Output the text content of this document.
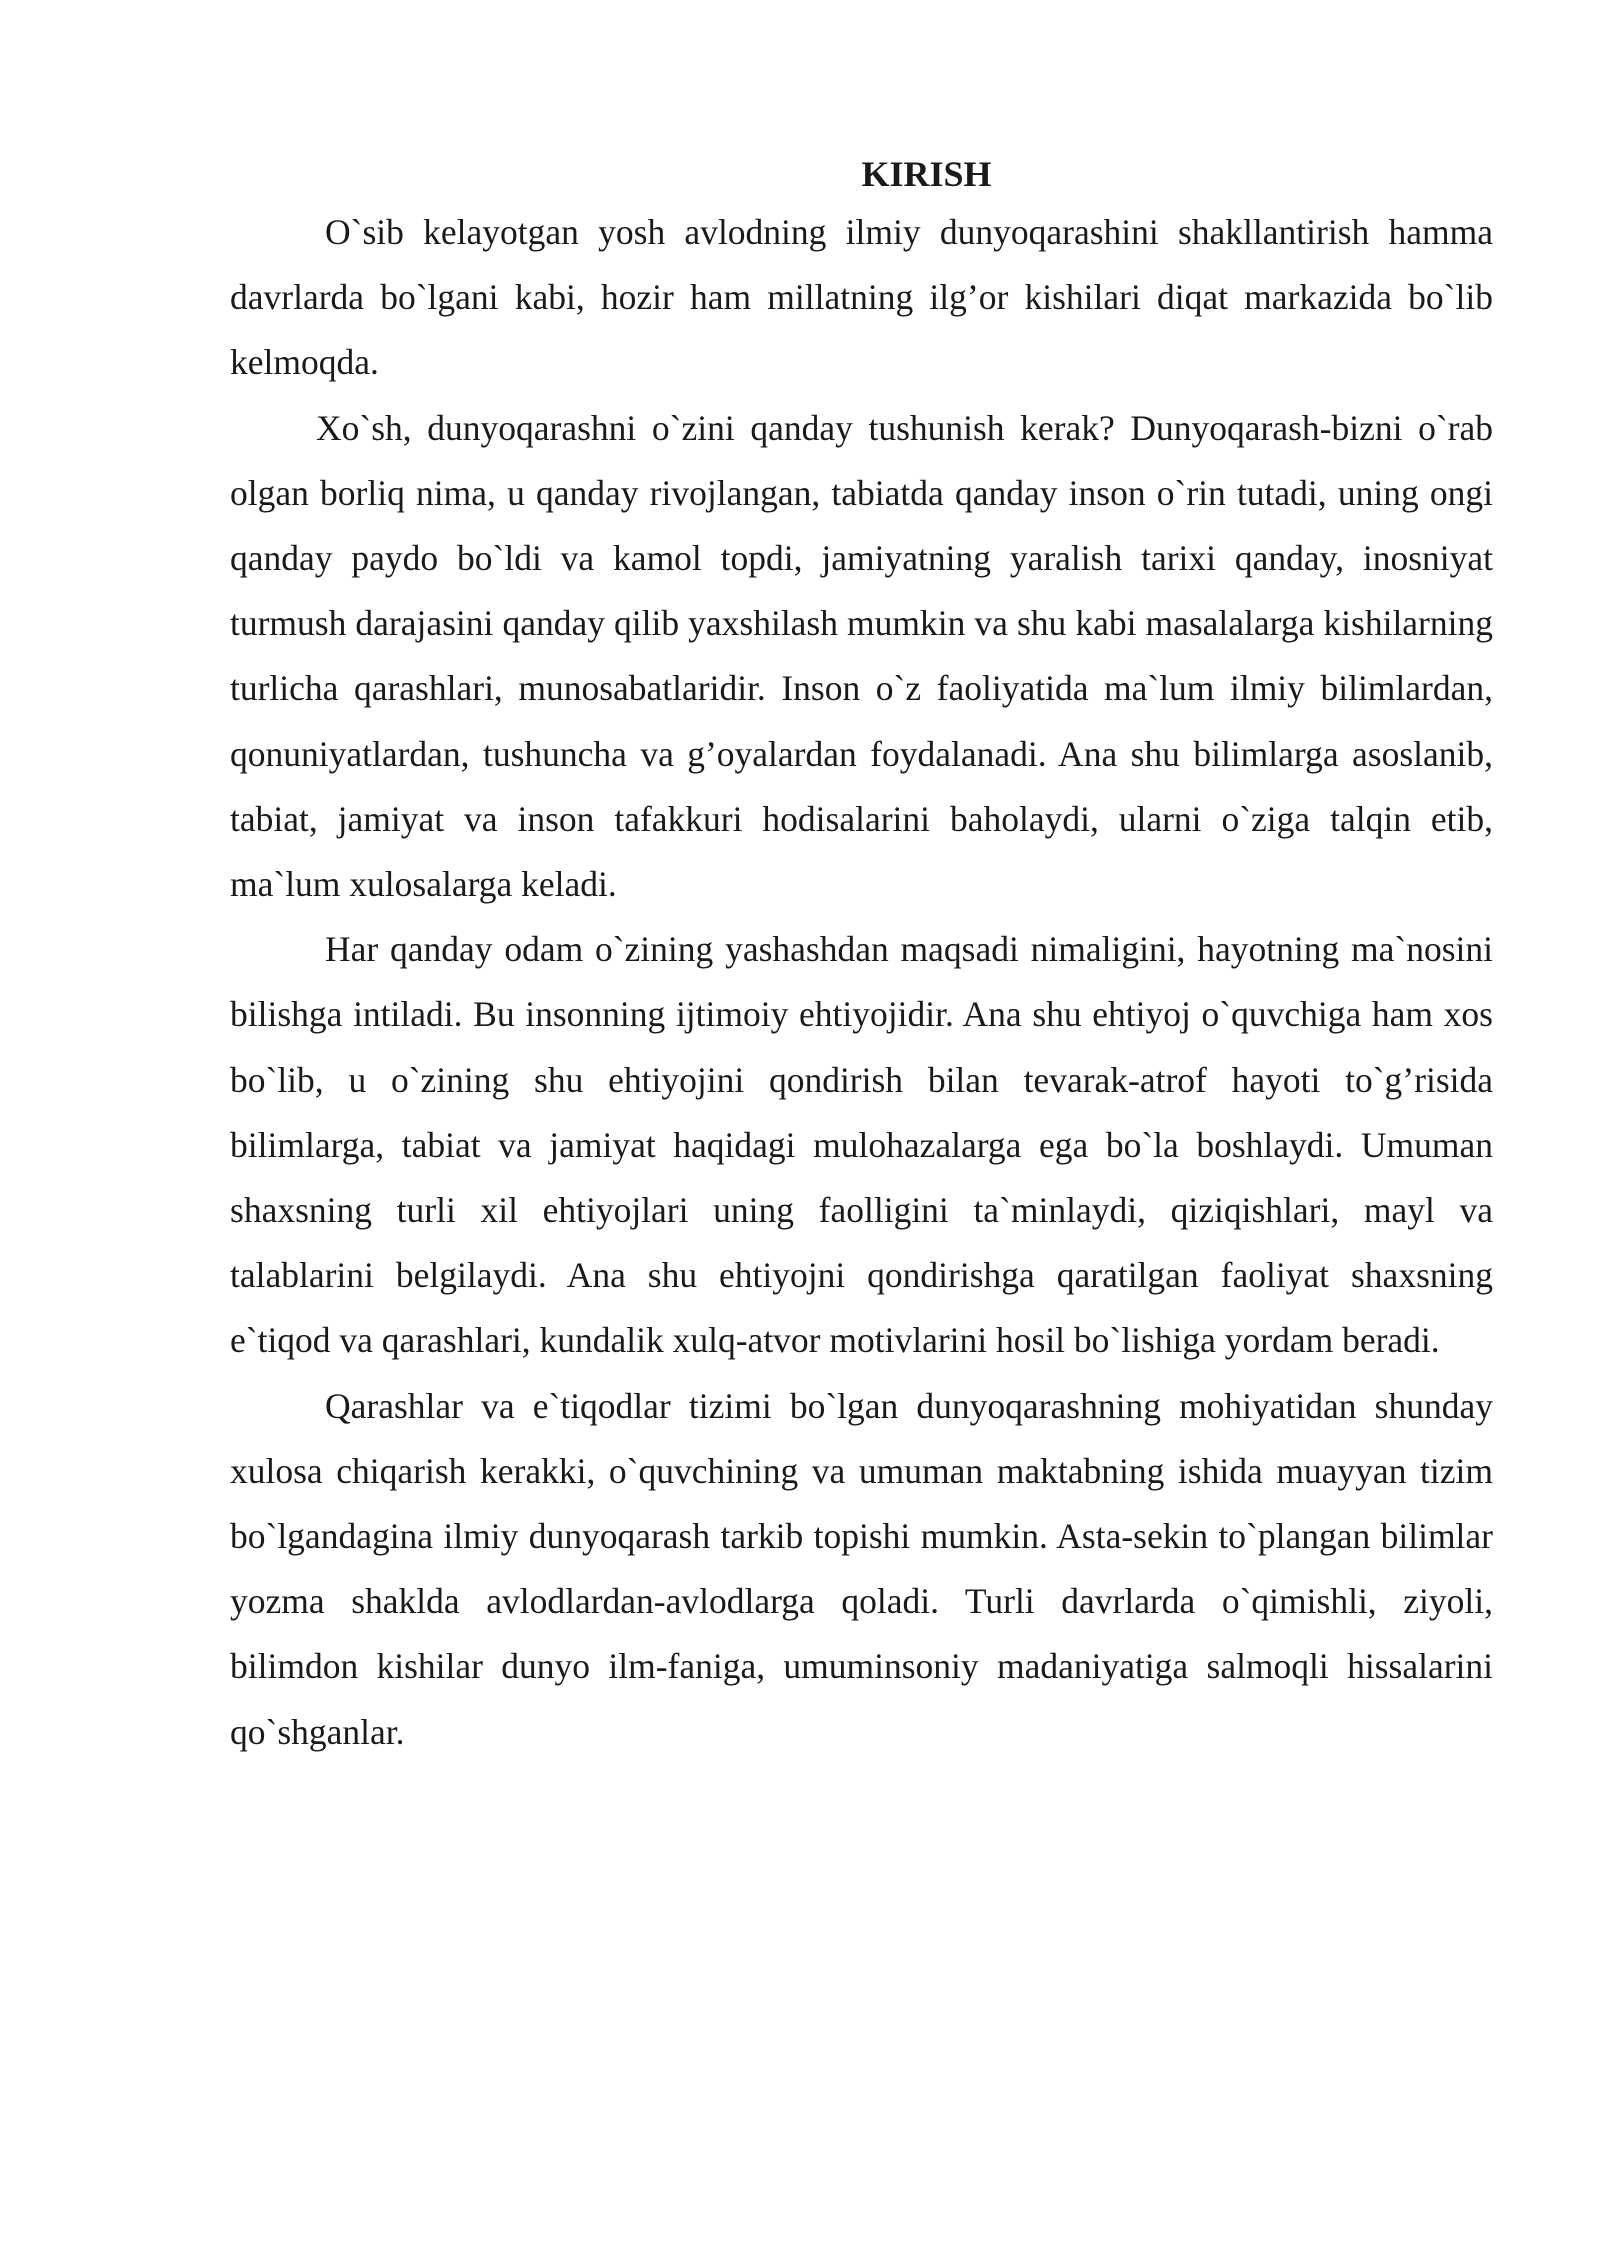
KIRISH

O`sib kelayotgan yosh avlodning ilmiy dunyoqarashini shakllantirish hamma davrlarda bo`lgani kabi, hozir ham millatning ilg’or kishilari diqat markazida bo`lib kelmoqda.

Xo`sh, dunyoqarashni o`zini qanday tushunish kerak? Dunyoqarash-bizni o`rab olgan borliq nima, u qanday rivojlangan, tabiatda qanday inson o`rin tutadi, uning ongi qanday paydo bo`ldi va kamol topdi, jamiyatning yaralish tarixi qanday, inosniyat turmush darajasini qanday qilib yaxshilash mumkin va shu kabi masalalarga kishilarning turlicha qarashlari, munosabatlaridir. Inson o`z faoliyatida ma`lum ilmiy bilimlardan, qonuniyatlardan, tushuncha va g’oyalardan foydalanadi. Ana shu bilimlarga asoslanib, tabiat, jamiyat va inson tafakkuri hodisalarini baholaydi, ularni o`ziga talqin etib, ma`lum xulosalarga keladi.

Har qanday odam o`zining yashashdan maqsadi nimaligini, hayotning ma`nosini bilishga intiladi. Bu insonning ijtimoiy ehtiyojidir. Ana shu ehtiyoj o`quvchiga ham xos bo`lib, u o`zining shu ehtiyojini qondirish bilan tevarak-atrof hayoti to`g’risida bilimlarga, tabiat va jamiyat haqidagi mulohazalarga ega bo`la boshlaydi. Umuman shaxsning turli xil ehtiyojlari uning faolligini ta`minlaydi, qiziqishlari, mayl va talablarini belgilaydi. Ana shu ehtiyojni qondirishga qaratilgan faoliyat shaxsning e`tiqod va qarashlari, kundalik xulq-atvor motivlarini hosil bo`lishiga yordam beradi.

Qarashlar va e`tiqodlar tizimi bo`lgan dunyoqarashning mohiyatidan shunday xulosa chiqarish kerakki, o`quvchining va umuman maktabning ishida muayyan tizim bo`lgandagina ilmiy dunyoqarash tarkib topishi mumkin. Asta-sekin to`plangan bilimlar yozma shaklda avlodlardan-avlodlarga qoladi. Turli davrlarda o`qimishli, ziyoli, bilimdon kishilar dunyo ilm-faniga, umuminsoniy madaniyatiga salmoqli hissalarini qo`shganlar.
